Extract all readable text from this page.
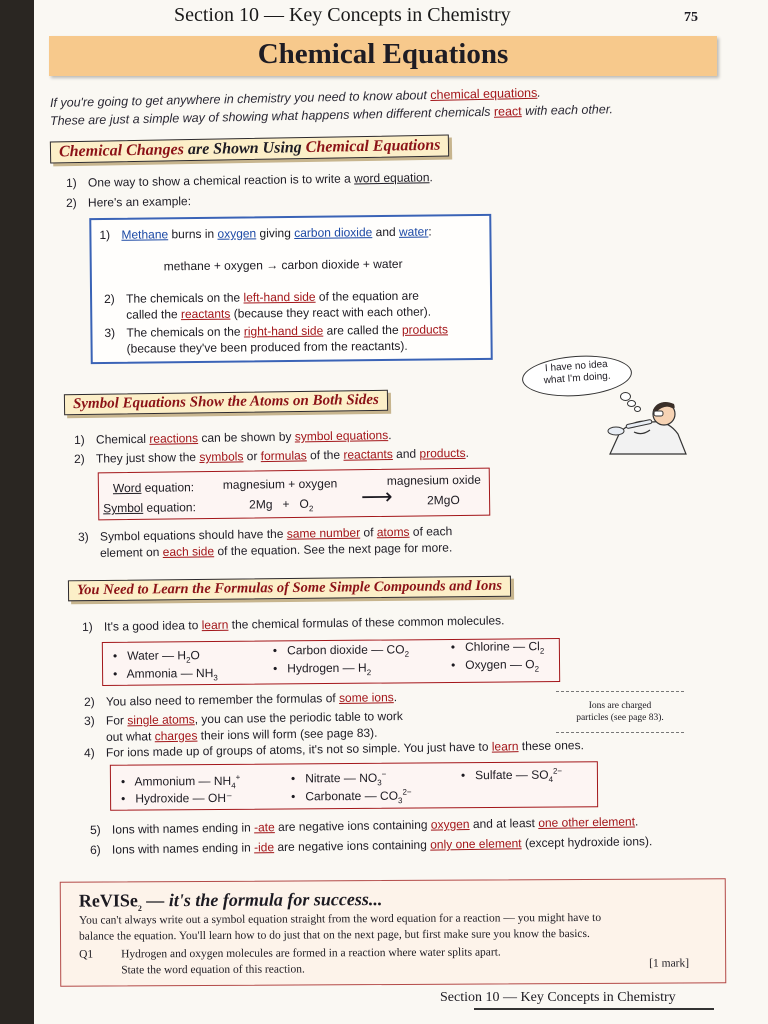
Section 10 — Key Concepts in Chemistry	75
Chemical Equations
If you're going to get anywhere in chemistry you need to know about chemical equations.
These are just a simple way of showing what happens when different chemicals react with each other.
Chemical Changes are Shown Using Chemical Equations
1) One way to show a chemical reaction is to write a word equation.
2) Here's an example:
1) Methane burns in oxygen giving carbon dioxide and water:
methane + oxygen → carbon dioxide + water
2) The chemicals on the left-hand side of the equation are
called the reactants (because they react with each other).
3) The chemicals on the right-hand side are called the products
(because they've been produced from the reactants).
I have no idea
what I'm doing.
Symbol Equations Show the Atoms on Both Sides
1) Chemical reactions can be shown by symbol equations.
2) They just show the symbols or formulas of the reactants and products.
Word equation: magnesium + oxygen	magnesium oxide
Symbol equation:	$2Mg + O_2$ ⟶	2MgO
3) Symbol equations should have the same number of atoms of each
element on each side of the equation. See the next page for more.
You Need to Learn the Formulas of Some Simple Compounds and Ions
1) It's a good idea to learn the chemical formulas of these common molecules.
• Water — $H_2O$
• Ammonia — $NH_3$
• Carbon dioxide — $CO_2$
• Hydrogen — $H_2$
• Chlorine — $Cl_2$
• Oxygen — $O_2$
2) You also need to remember the formulas of some ions.
3) For single atoms, you can use the periodic table to work
out what charges their ions will form (see page 83).
Ions are charged
particles (see page 83).
4) For ions made up of groups of atoms, it's not so simple. You just have to learn these ones.
• Ammonium — $NH_4^+$
• Hydroxide — OH⁻
• Nitrate — $NO_3^-$
• Carbonate — $CO_3^{2-}$
• Sulfate — $SO_4^{2-}$
5) Ions with names ending in -ate are negative ions containing oxygen and at least one other element.
6) Ions with names ending in -ide are negative ions containing only one element (except hydroxide ions).
ReVISe$_2$ — it's the formula for success...
You can't always write out a symbol equation straight from the word equation for a reaction — you might have to
balance the equation. You'll learn how to do just that on the next page, but first make sure you know the basics.
Q1 Hydrogen and oxygen molecules are formed in a reaction where water splits apart.
State the word equation of this reaction.	[1 mark]
Section 10 — Key Concepts in Chemistry
